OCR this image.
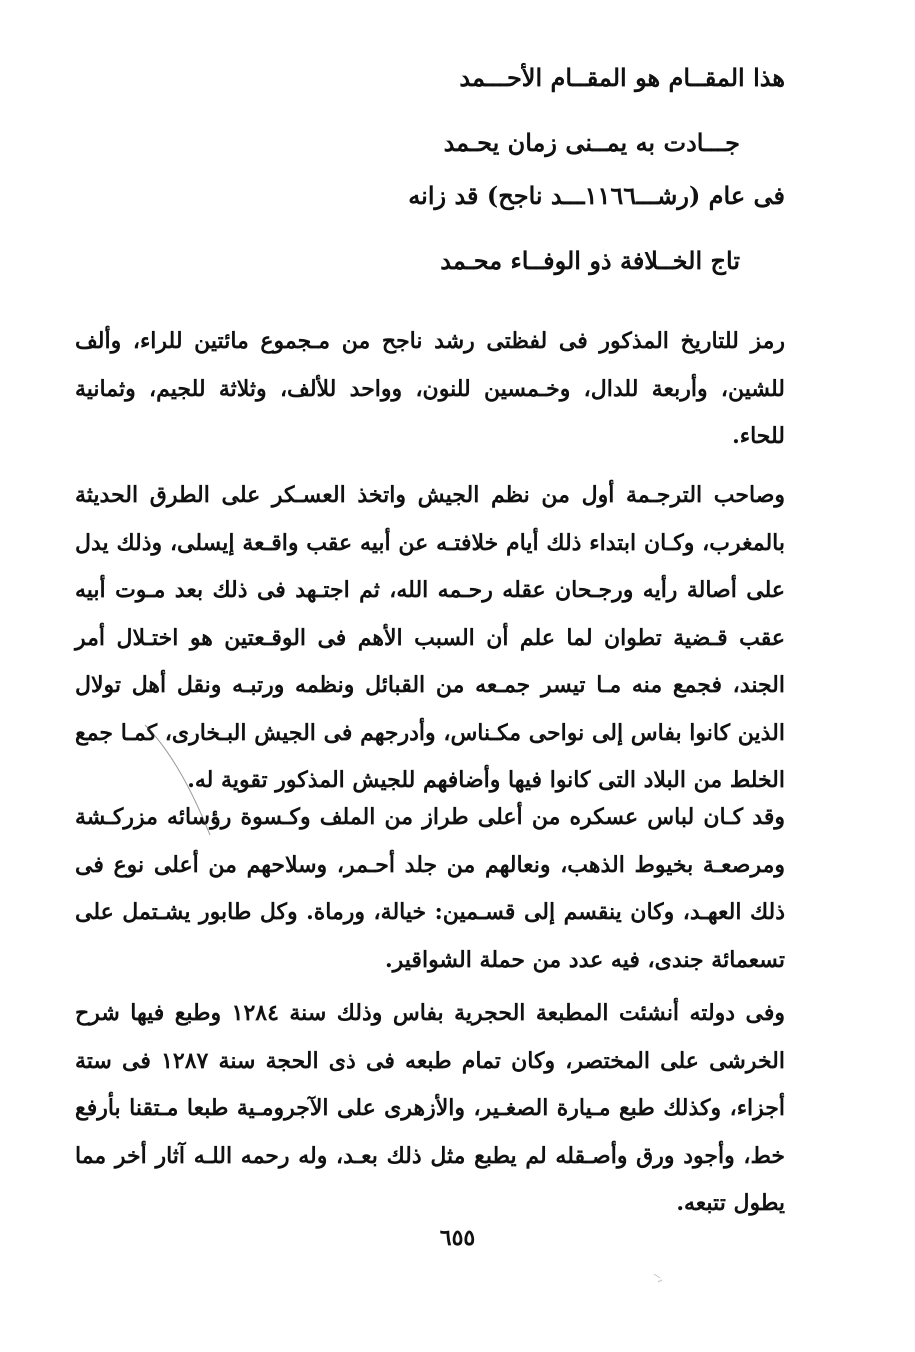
هذا المقــام هو المقــام الأحـــمد
جـــادت به يمــنى زمان يحـمد
فى عام (رشـــ١١٦٦ـــد ناجح) قد زانه
تاج الخــلافة ذو الوفــاء محـمد

رمز للتاريخ المذكور فى لفظتى رشد ناجح من مـجموع مائتين للراء، وألف للشين، وأربعة للدال، وخـمسين للنون، وواحد للألف، وثلاثة للجيم، وثمانية للحاء.

وصاحب الترجـمة أول من نظم الجيش واتخذ العسـكر على الطرق الحديثة بالمغرب، وكـان ابتداء ذلك أيام خلافتـه عن أبيه عقب واقـعة إيسلى، وذلك يدل على أصالة رأيه ورجـحان عقله رحـمه الله، ثم اجتـهد فى ذلك بعد مـوت أبيه عقب قـضية تطوان لما علم أن السبب الأهم فى الوقـعتين هو اختـلال أمر الجند، فجمع منه مـا تيسر جمـعه من القبائل ونظمه ورتبـه ونقل أهل تولال الذين كانوا بفاس إلى نواحى مكـناس، وأدرجهم فى الجيش البـخارى، كمـا جمع الخلط من البلاد التى كانوا فيها وأضافهم للجيش المذكور تقوية له.

وقد كـان لباس عسكره من أعلى طراز من الملف وكـسوة رؤسائه مزركـشة ومرصعـة بخيوط الذهب، ونعالهم من جلد أحـمر، وسلاحهم من أعلى نوع فى ذلك العهـد، وكان ينقسم إلى قسـمين: خيالة، ورماة. وكل طابور يشـتمل على تسعمائة جندى، فيه عدد من حملة الشواقير.

وفى دولته أنشئت المطبعة الحجرية بفاس وذلك سنة ١٢٨٤ وطبع فيها شرح الخرشى على المختصر، وكان تمام طبعه فى ذى الحجة سنة ١٢٨٧ فى ستة أجزاء، وكذلك طبع مـيارة الصغـير، والأزهرى على الآجرومـية طبعا مـتقنا بأرفع خط، وأجود ورق وأصـقله لم يطبع مثل ذلك بعـد، وله رحمه اللـه آثار أخر مما يطول تتبعه.

٦٥٥
